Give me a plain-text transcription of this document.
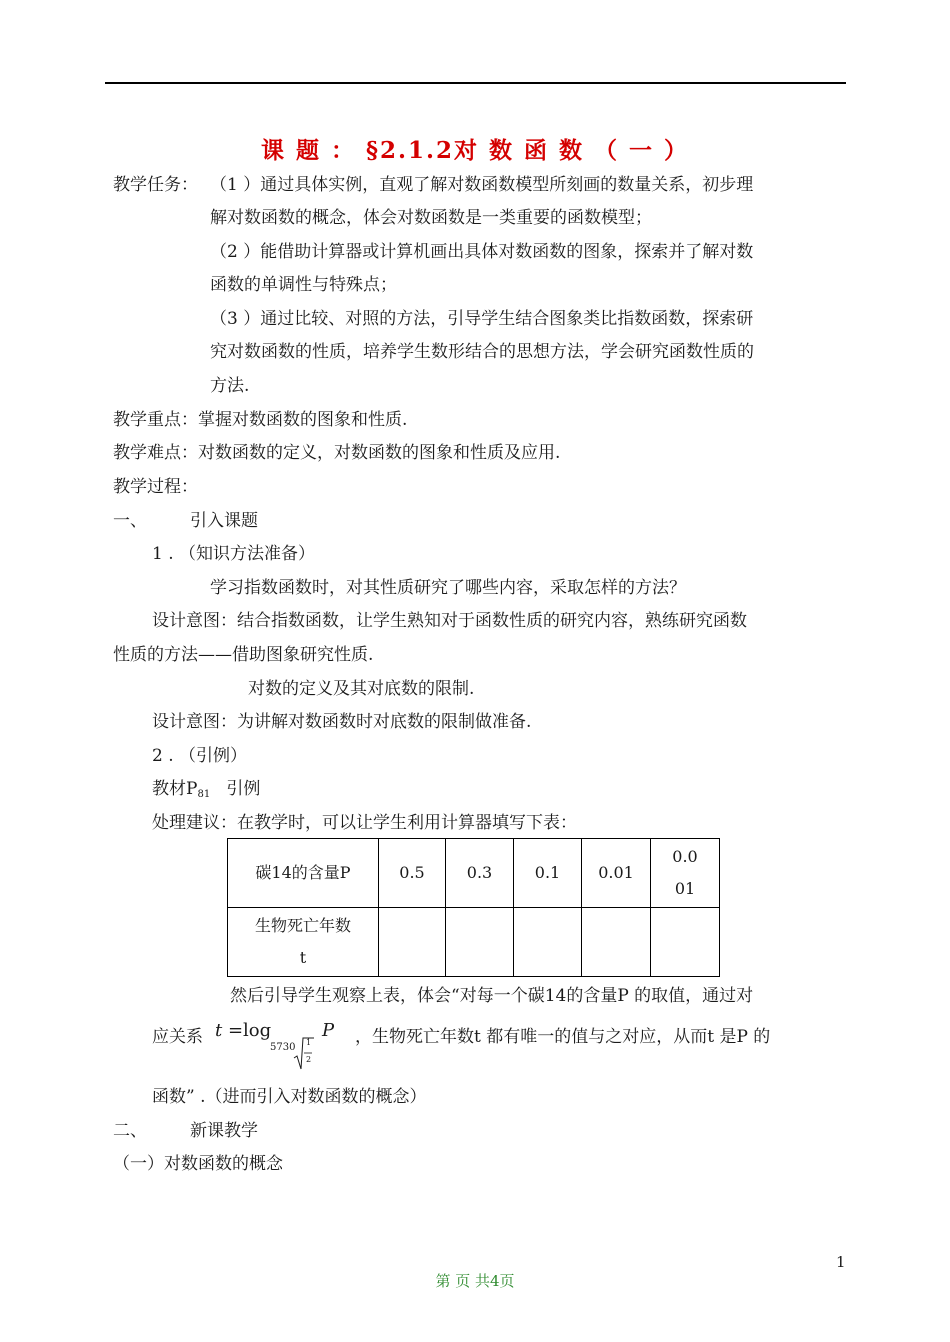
课 题 ： §2.1.2对 数 函 数 （ 一 ）
教学任务： （1 ）通过具体实例，直观了解对数函数模型所刻画的数量关系，初步理
解对数函数的概念，体会对数函数是一类重要的函数模型；
（2 ）能借助计算器或计算机画出具体对数函数的图象，探索并了解对数
函数的单调性与特殊点；
（3 ）通过比较、对照的方法，引导学生结合图象类比指数函数，探索研
究对数函数的性质，培养学生数形结合的思想方法，学会研究函数性质的
方法.
教学重点：掌握对数函数的图象和性质.
教学难点：对数函数的定义，对数函数的图象和性质及应用.
教学过程：
一、	引入课题
1 . （知识方法准备）
学习指数函数时，对其性质研究了哪些内容，采取怎样的方法？
设计意图：结合指数函数，让学生熟知对于函数性质的研究内容，熟练研究函数
性质的方法——借助图象研究性质.
对数的定义及其对底数的限制.
设计意图：为讲解对数函数时对底数的限制做准备.
2 . （引例）
教材$P_{81}$ 引例
处理建议：在教学时，可以让学生利用计算器填写下表：
碳14的含量P	0.5	0.3	0.1	0.01	0.0
01

生物死亡年数
t					

然后引导学生观察上表，体会“对每一个碳14的含量P 的取值，通过对
应关系 t =log
5730 1
2
P ，生物死亡年数t 都有唯一的值与之对应，从而t 是P 的
函数” .（进而引入对数函数的概念）
二、	新课教学
（一）对数函数的概念
1
第 页 共4页
